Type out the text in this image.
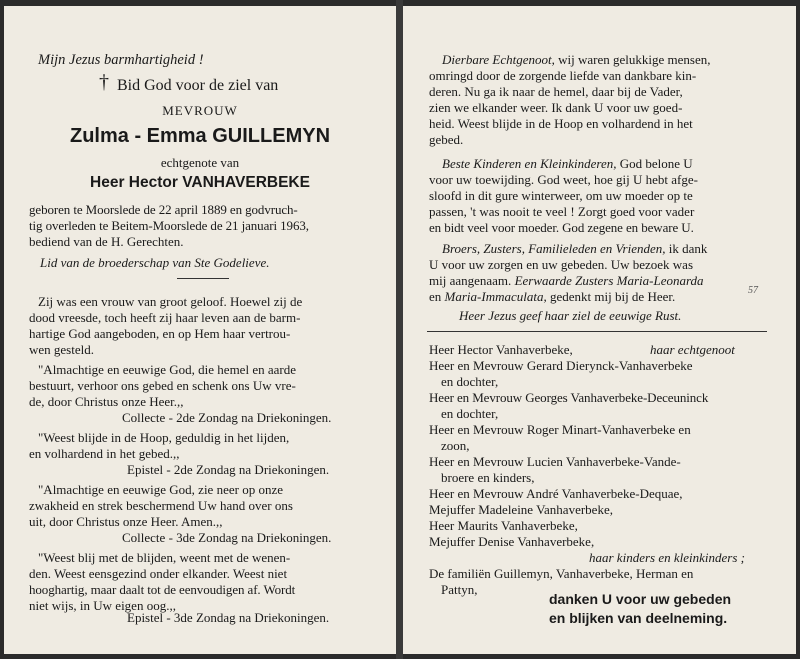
Mijn Jezus barmhartigheid !
† Bid God voor de ziel van
MEVROUW
Zulma - Emma GUILLEMYN
echtgenote van
Heer Hector VANHAVERBEKE
geboren te Moorslede de 22 april 1889 en godvruch-
tig overleden te Beitem-Moorslede de 21 januari 1963,
bediend van de H. Gerechten.
Lid van de broederschap van Ste Godelieve.
Zij was een vrouw van groot geloof. Hoewel zij de
dood vreesde, toch heeft zij haar leven aan de barm-
hartige God aangeboden, en op Hem haar vertrou-
wen gesteld.
"Almachtige en eeuwige God, die hemel en aarde
bestuurt, verhoor ons gebed en schenk ons Uw vre-
de, door Christus onze Heer.,,
Collecte - 2de Zondag na Driekoningen.
"Weest blijde in de Hoop, geduldig in het lijden,
en volhardend in het gebed.,,
Epistel - 2de Zondag na Driekoningen.
"Almachtige en eeuwige God, zie neer op onze
zwakheid en strek beschermend Uw hand over ons
uit, door Christus onze Heer. Amen.,,
Collecte - 3de Zondag na Driekoningen.
"Weest blij met de blijden, weent met de wenen-
den. Weest eensgezind onder elkander. Weest niet
hooghartig, maar daalt tot de eenvoudigen af. Wordt
niet wijs, in Uw eigen oog.,,
Epistel - 3de Zondag na Driekoningen.
Dierbare Echtgenoot, wij waren gelukkige mensen,
omringd door de zorgende liefde van dankbare kin-
deren. Nu ga ik naar de hemel, daar bij de Vader,
zien we elkander weer. Ik dank U voor uw goed-
heid. Weest blijde in de Hoop en volhardend in het
gebed.
Beste Kinderen en Kleinkinderen, God belone U
voor uw toewijding. God weet, hoe gij U hebt afge-
sloofd in dit gure winterweer, om uw moeder op te
passen, 't was nooit te veel ! Zorgt goed voor vader
en bidt veel voor moeder. God zegene en beware U.
Broers, Zusters, Familieleden en Vrienden, ik dank
U voor uw zorgen en uw gebeden. Uw bezoek was
mij aangenaam. Eerwaarde Zusters Maria-Leonarda
en Maria-Immaculata, gedenkt mij bij de Heer.	57
Heer Jezus geef haar ziel de eeuwige Rust.
Heer Hector Vanhaverbeke,	haar echtgenoot
Heer en Mevrouw Gerard Dierynck-Vanhaverbeke
en dochter,
Heer en Mevrouw Georges Vanhaverbeke-Deceuninck
en dochter,
Heer en Mevrouw Roger Minart-Vanhaverbeke en
zoon,
Heer en Mevrouw Lucien Vanhaverbeke-Vande-
broere en kinders,
Heer en Mevrouw André Vanhaverbeke-Dequae,
Mejuffer Madeleine Vanhaverbeke,
Heer Maurits Vanhaverbeke,
Mejuffer Denise Vanhaverbeke,
haar kinders en kleinkinders ;
De familiën Guillemyn, Vanhaverbeke, Herman en
Pattyn,
danken U voor uw gebeden
en blijken van deelneming.
